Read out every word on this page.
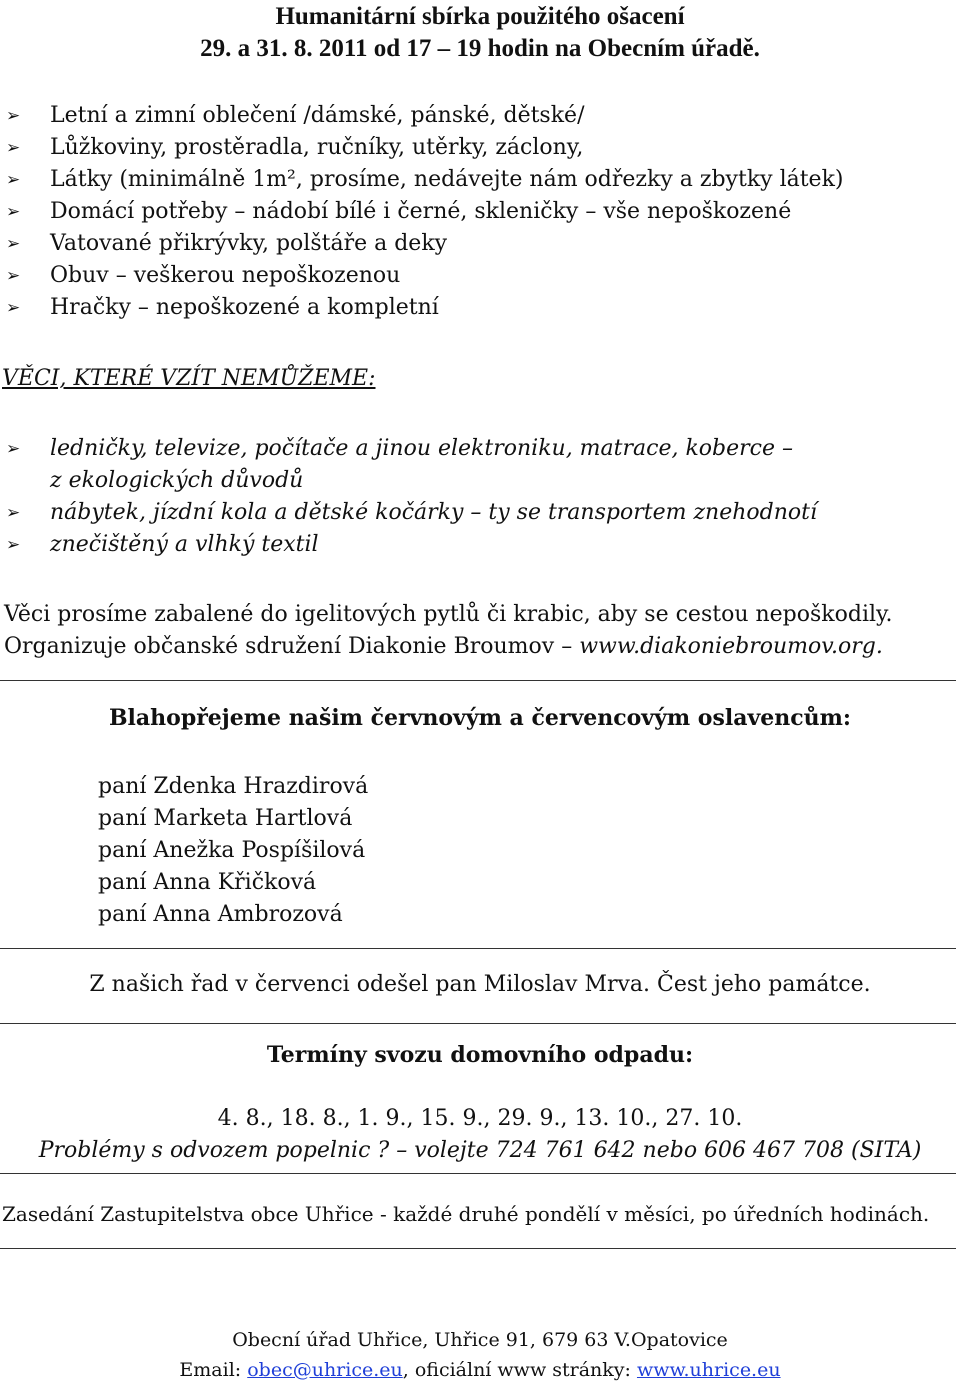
Humanitární sbírka použitého ošacení
29. a 31. 8. 2011 od 17 – 19 hodin na Obecním úřadě.
➢ Letní a zimní oblečení /dámské, pánské, dětské/
➢ Lůžkoviny, prostěradla, ručníky, utěrky, záclony,
➢ Látky (minimálně 1m², prosíme, nedávejte nám odřezky a zbytky látek)
➢ Domácí potřeby – nádobí bílé i černé, skleničky – vše nepoškozené
➢ Vatované přikrývky, polštáře a deky
➢ Obuv – veškerou nepoškozenou
➢ Hračky – nepoškozené a kompletní
VĚCI, KTERÉ VZÍT NEMŮŽEME:
➢ ledničky, televize, počítače a jinou elektroniku, matrace, koberce –
z ekologických důvodů
➢ nábytek, jízdní kola a dětské kočárky – ty se transportem znehodnotí
➢ znečištěný a vlhký textil
Věci prosíme zabalené do igelitových pytlů či krabic, aby se cestou nepoškodily.
Organizuje občanské sdružení Diakonie Broumov – www.diakoniebroumov.org.
Blahopřejeme našim červnovým a červencovým oslavencům:
paní Zdenka Hrazdirová
paní Marketa Hartlová
paní Anežka Pospíšilová
paní Anna Křičková
paní Anna Ambrozová
Z našich řad v červenci odešel pan Miloslav Mrva. Čest jeho památce.
Termíny svozu domovního odpadu:
4. 8., 18. 8., 1. 9., 15. 9., 29. 9., 13. 10., 27. 10.
Problémy s odvozem popelnic ? – volejte 724 761 642 nebo 606 467 708 (SITA)
Zasedání Zastupitelstva obce Uhřice - každé druhé pondělí v měsíci, po úředních hodinách.
Obecní úřad Uhřice, Uhřice 91, 679 63 V.Opatovice
Email: obec@uhrice.eu, oficiální www stránky: www.uhrice.eu
